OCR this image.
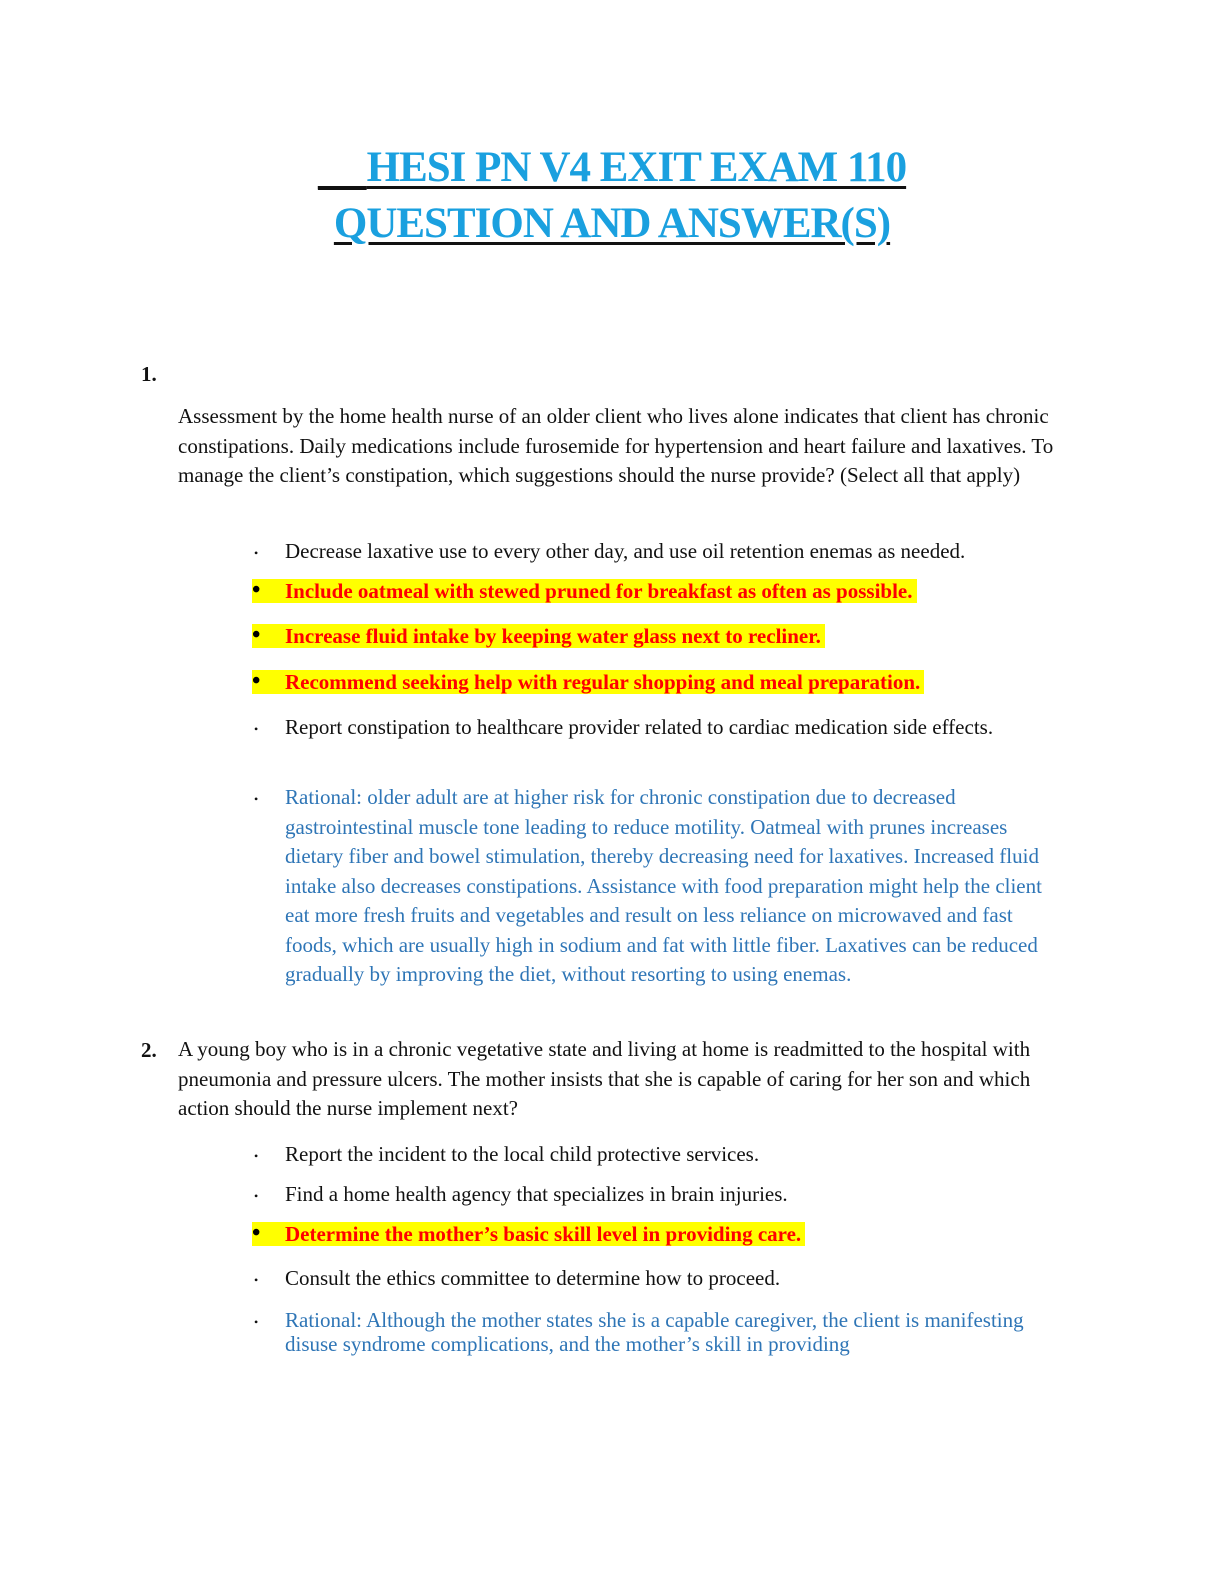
HESI PN V4 EXIT EXAM 110
QUESTION AND ANSWER(S)
1.
Assessment by the home health nurse of an older client who lives alone indicates that client has chronic constipations. Daily medications include furosemide for hypertension and heart failure and laxatives. To manage the client’s constipation, which suggestions should the nurse provide? (Select all that apply)
•	Decrease laxative use to every other day, and use oil retention enemas as needed.
•	Include oatmeal with stewed pruned for breakfast as often as possible.
•	Increase fluid intake by keeping water glass next to recliner.
•	Recommend seeking help with regular shopping and meal preparation.
•	Report constipation to healthcare provider related to cardiac medication side effects.
•	Rational: older adult are at higher risk for chronic constipation due to decreased gastrointestinal muscle tone leading to reduce motility. Oatmeal with prunes increases dietary fiber and bowel stimulation, thereby decreasing need for laxatives. Increased fluid intake also decreases constipations. Assistance with food preparation might help the client eat more fresh fruits and vegetables and result on less reliance on microwaved and fast foods, which are usually high in sodium and fat with little fiber. Laxatives can be reduced gradually by improving the diet, without resorting to using enemas.
2. A young boy who is in a chronic vegetative state and living at home is readmitted to the hospital with pneumonia and pressure ulcers. The mother insists that she is capable of caring for her son and which action should the nurse implement next?
•	Report the incident to the local child protective services.
•	Find a home health agency that specializes in brain injuries.
•	Determine the mother’s basic skill level in providing care.
•	Consult the ethics committee to determine how to proceed.
•	Rational: Although the mother states she is a capable caregiver, the client is manifesting disuse syndrome complications, and the mother’s skill in providing
